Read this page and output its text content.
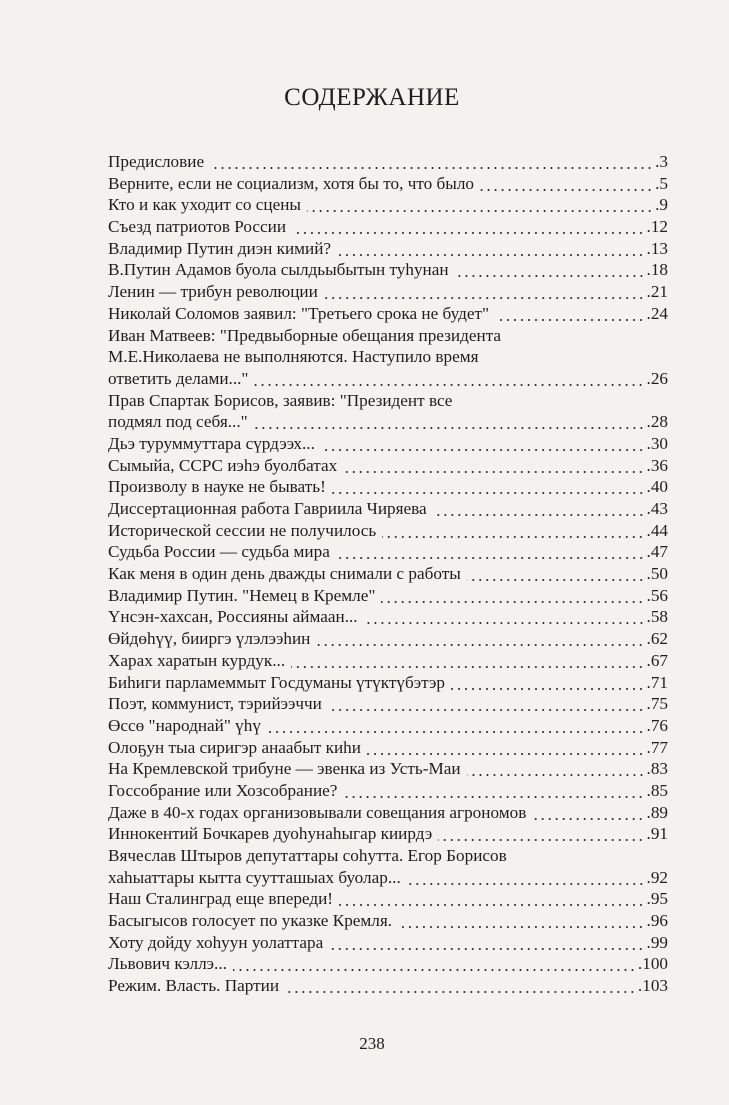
СОДЕРЖАНИЕ
Предисловие	.3
Верните, если не социализм, хотя бы то, что было	.5
Кто и как уходит со сцены	.9
Съезд патриотов России	.12
Владимир Путин диэн кимий?	.13
В.Путин Адамов буола сылдьыбытын туһунан	.18
Ленин — трибун революции	.21
Николай Соломов заявил: "Третьего срока не будет"	.24
Иван Матвеев: "Предвыборные обещания президента
М.Е.Николаева не выполняются. Наступило время
ответить делами..."	.26
Прав Спартак Борисов, заявив: "Президент все
подмял под себя..."	.28
Дьэ туруммуттара сүрдээх...	.30
Сымыйа, ССРС иэһэ буолбатах	.36
Произволу в науке не бывать!	.40
Диссертационная работа Гавриила Чиряева	.43
Исторической сессии не получилось	.44
Судьба России — судьба мира	.47
Как меня в один день дважды снимали с работы	.50
Владимир Путин. "Немец в Кремле"	.56
Үнсэн-хахсан, Россияны аймаан...	.58
Өйдөһүү, бииргэ үлэлээһин	.62
Харах харатын курдук...	.67
Биһиги парламеммыт Госдуманы үтүктүбэтэр	.71
Поэт, коммунист, тэрийээччи	.75
Өссө "народнай" үһү	.76
Олоҕун тыа сиригэр анаабыт киһи	.77
На Кремлевской трибуне — эвенка из Усть-Маи	.83
Госсобрание или Хозсобрание?	.85
Даже в 40-х годах организовывали совещания агрономов	.89
Иннокентий Бочкарев дуоһунаһыгар киирдэ	.91
Вячеслав Штыров депутаттары соһутта. Егор Борисов
хаһыаттары кытта суутташыах буолар...	.92
Наш Сталинград еще впереди!	.95
Басыгысов голосует по указке Кремля.	.96
Хоту дойду хоһуун уолаттара	.99
Львович кэллэ...	.100
Режим. Власть. Партии	.103
238
